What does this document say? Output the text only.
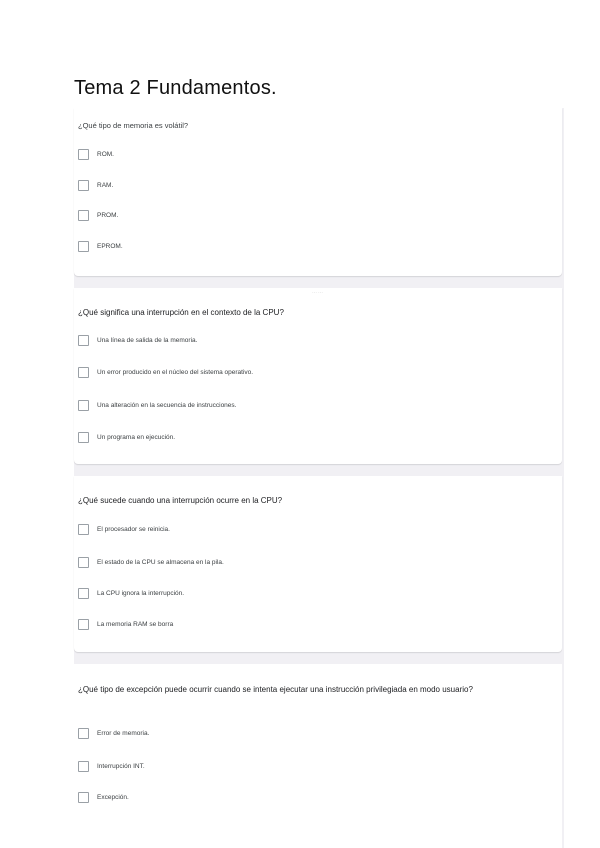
Tema 2 Fundamentos.
¿Qué tipo de memoria es volátil?
ROM.
RAM.
PROM.
EPROM.
⋯⋯
¿Qué significa una interrupción en el contexto de la CPU?
Una línea de salida de la memoria.
Un error producido en el núcleo del sistema operativo.
Una alteración en la secuencia de instrucciones.
Un programa en ejecución.
¿Qué sucede cuando una interrupción ocurre en la CPU?
El procesador se reinicia.
El estado de la CPU se almacena en la pila.
La CPU ignora la interrupción.
La memoria RAM se borra
¿Qué tipo de excepción puede ocurrir cuando se intenta ejecutar una instrucción privilegiada en modo usuario?
Error de memoria.
Interrupción INT.
Excepción.
